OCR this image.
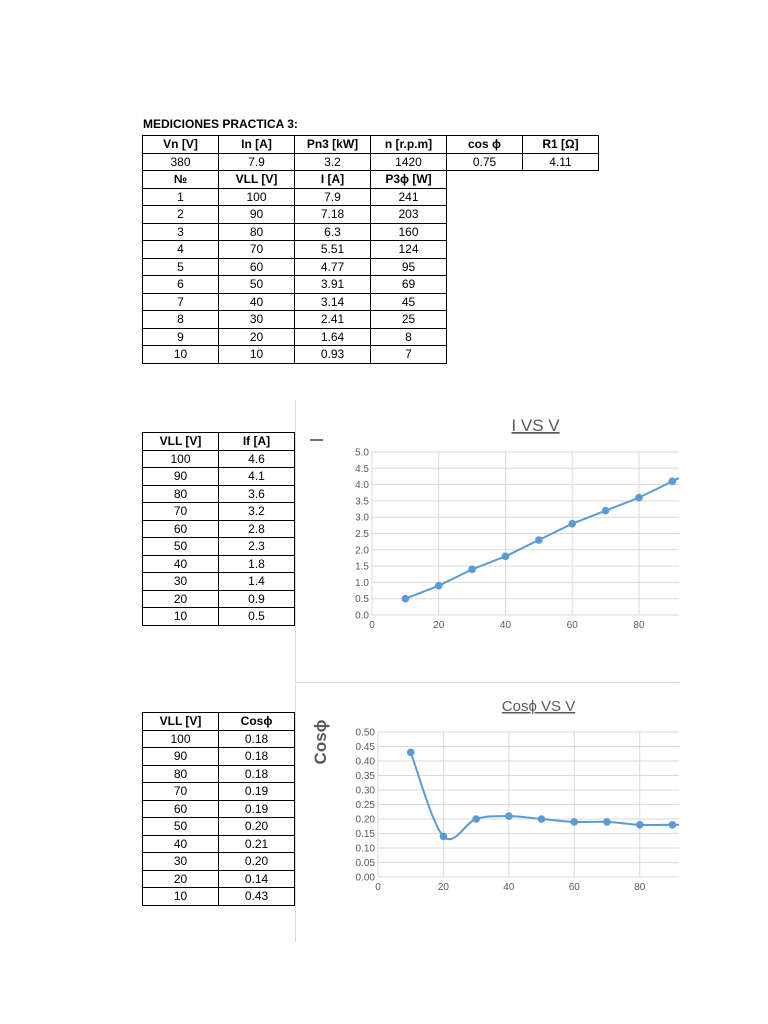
MEDICIONES PRACTICA 3:
Vn [V]	In [A]	Pn3 [kW]	n [r.p.m]	cos ϕ	R1 [Ω]
380	7.9	3.2	1420	0.75	4.11
№	VLL [V]	I [A]	P3ϕ [W]
1	100	7.9	241
2	90	7.18	203
3	80	6.3	160
4	70	5.51	124
5	60	4.77	95
6	50	3.91	69
7	40	3.14	45
8	30	2.41	25
9	20	1.64	8
10	10	0.93	7
VLL [V]	If [A]
100	4.6
90	4.1
80	3.6
70	3.2
60	2.8
50	2.3
40	1.8
30	1.4
20	0.9
10	0.5
VLL [V]	Cosϕ
100	0.18
90	0.18
80	0.18
70	0.19
60	0.19
50	0.20
40	0.21
30	0.20
20	0.14
10	0.43
I VS V
I
0.0
0.5
1.0
1.5
2.0
2.5
3.0
3.5
4.0
4.5
5.0
0	20	40	60	80
Cosϕ VS V
Cosϕ
0.00
0.05
0.10
0.15
0.20
0.25
0.30
0.35
0.40
0.45
0.50
0	20	40	60	80
